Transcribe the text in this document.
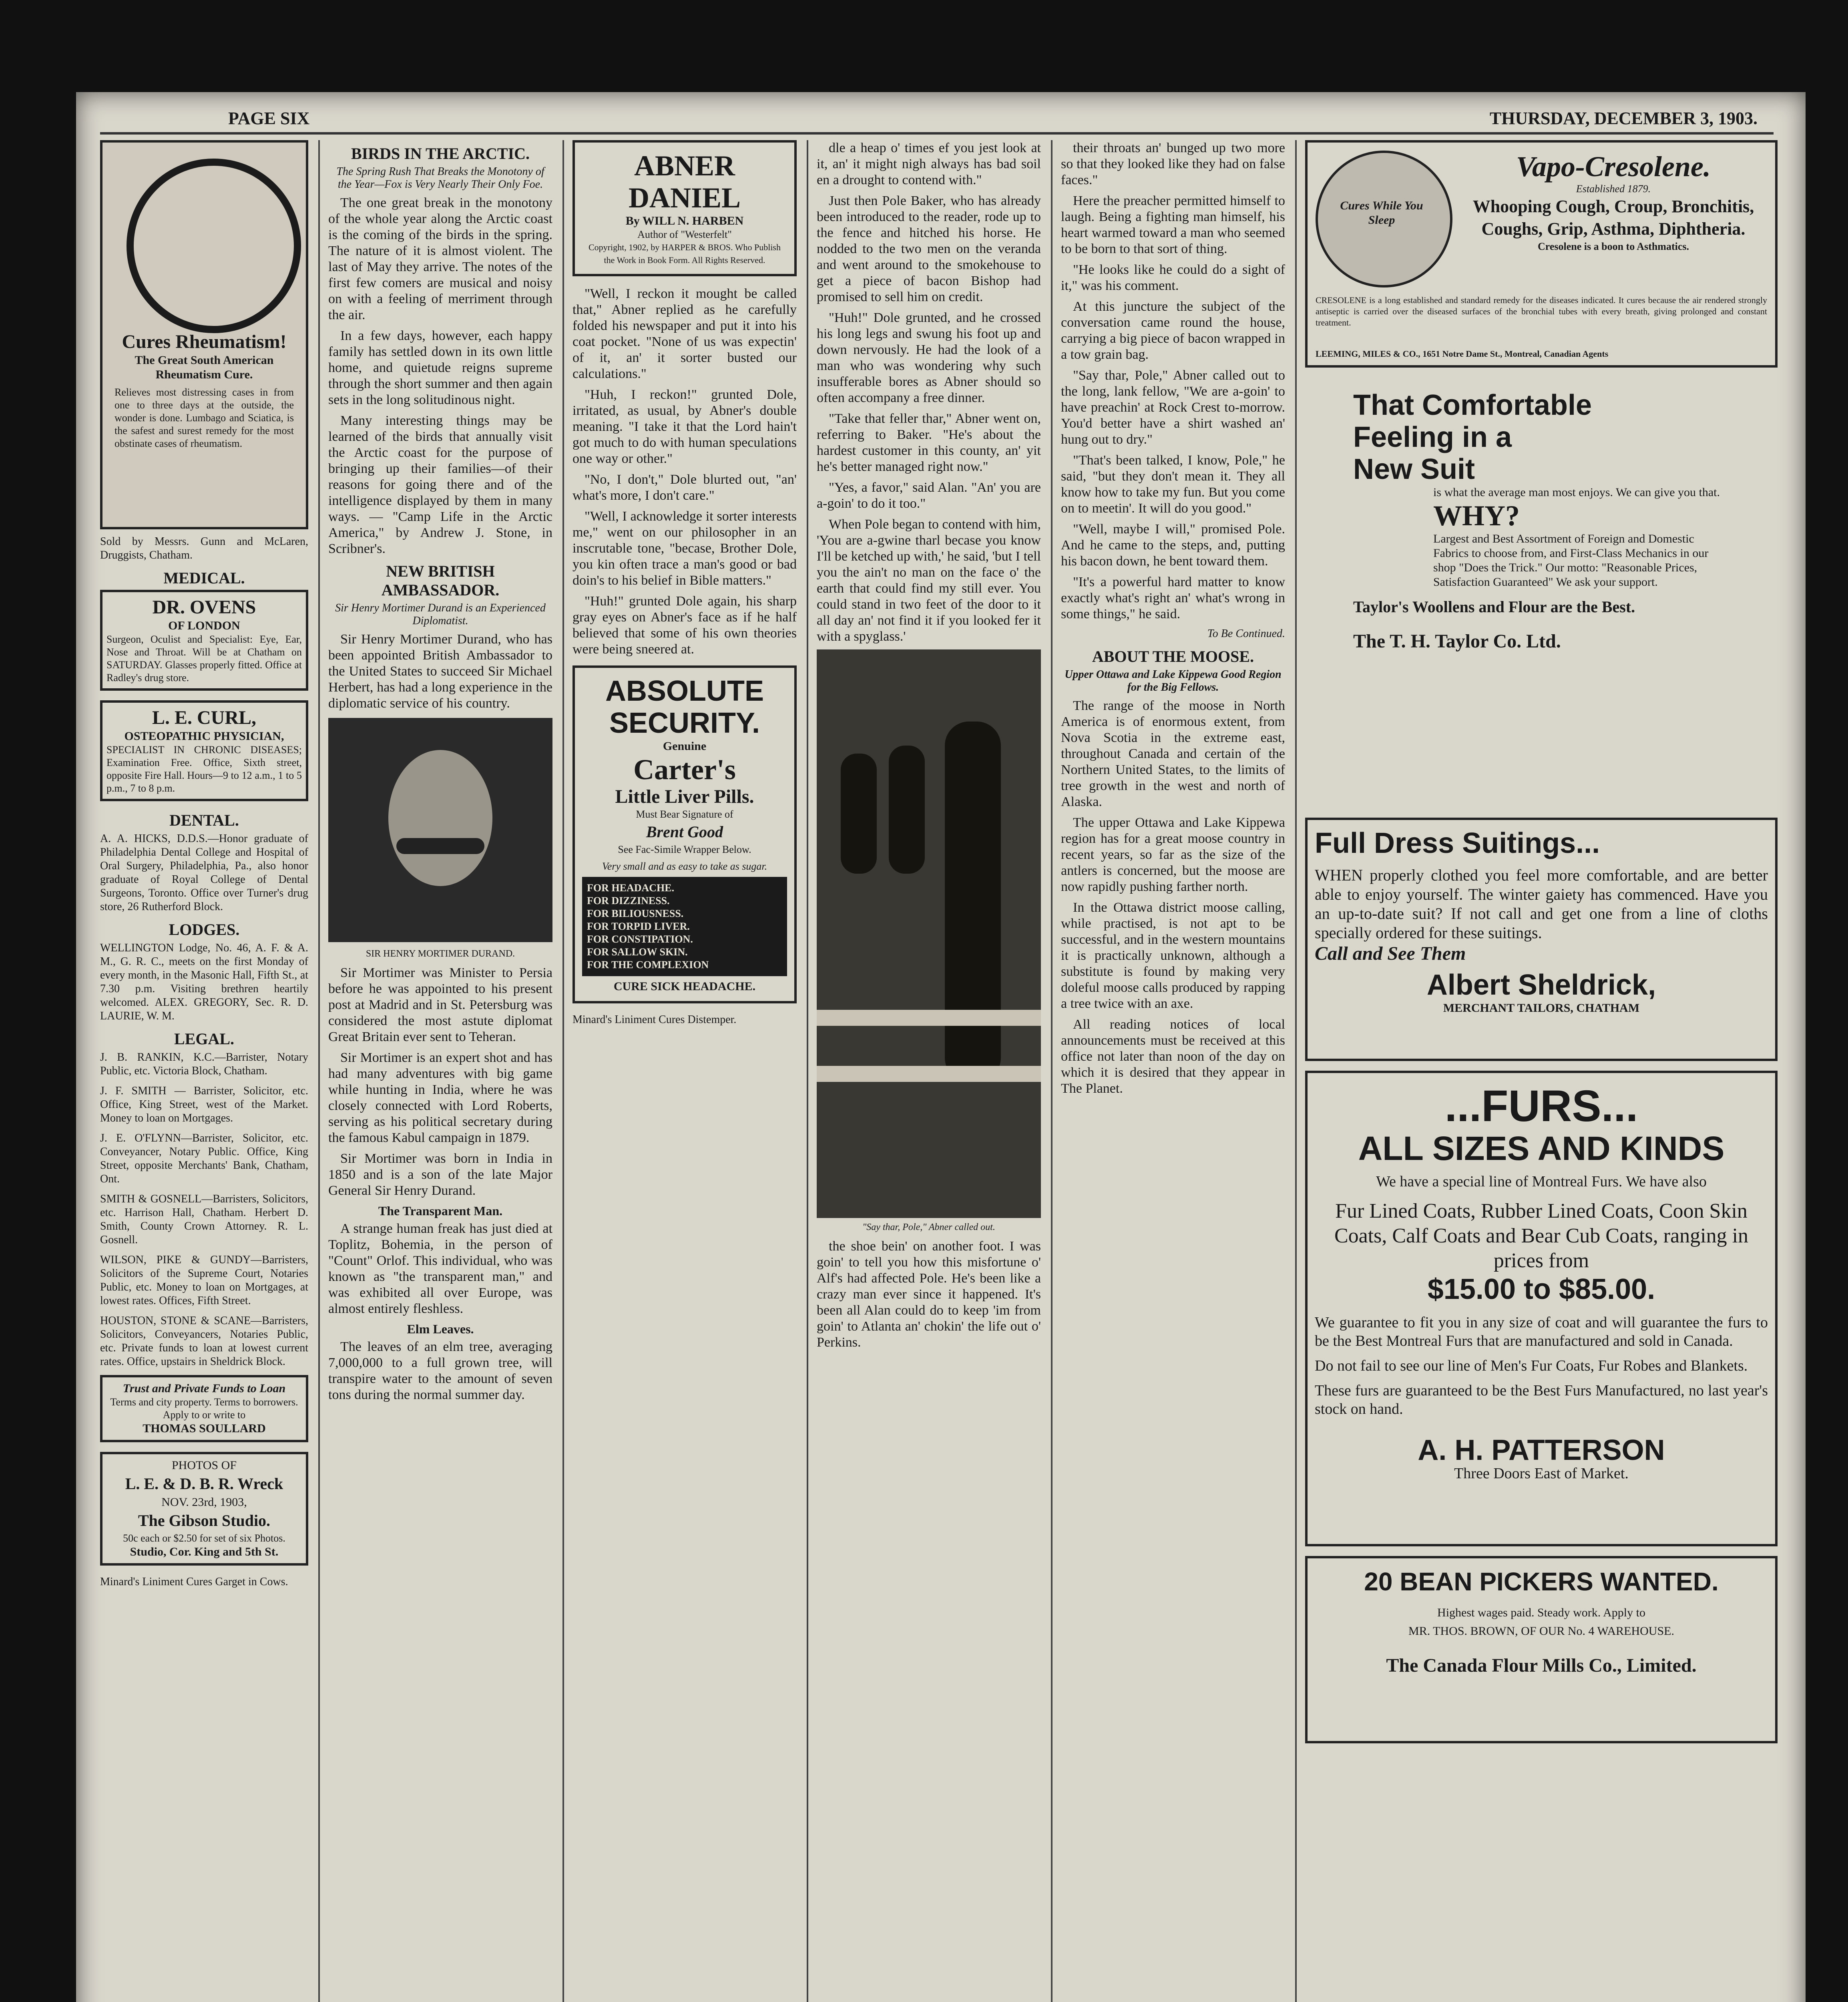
PAGE SIX	THURSDAY, DECEMBER 3, 1903.
Cures Rheumatism!
The Great South American Rheumatism Cure.
Relieves most distressing cases in from one to three days at the outside, the wonder is done. Lumbago and Sciatica, is the safest and surest remedy for the most obstinate cases of rheumatism.
Sold by Messrs. Gunn and McLaren, Druggists, Chatham.
MEDICAL.
DR. OVENS
OF LONDON
Surgeon, Oculist and Specialist: Eye, Ear, Nose and Throat. Will be at Chatham on SATURDAY. Glasses properly fitted. Office at Radley's drug store.
L. E. CURL,
OSTEOPATHIC PHYSICIAN,
SPECIALIST IN CHRONIC DISEASES; Examination Free. Office, Sixth street, opposite Fire Hall. Hours—9 to 12 a.m., 1 to 5 p.m., 7 to 8 p.m.
DENTAL.
A. A. HICKS, D.D.S.—Honor graduate of Philadelphia Dental College and Hospital of Oral Surgery, Philadelphia, Pa., also honor graduate of Royal College of Dental Surgeons, Toronto. Office over Turner's drug store, 26 Rutherford Block.
LODGES.
WELLINGTON Lodge, No. 46, A. F. & A. M., G. R. C., meets on the first Monday of every month, in the Masonic Hall, Fifth St., at 7.30 p.m. Visiting brethren heartily welcomed. ALEX. GREGORY, Sec. R. D. LAURIE, W. M.
LEGAL.
J. B. RANKIN, K.C.—Barrister, Notary Public, etc. Victoria Block, Chatham.
J. F. SMITH — Barrister, Solicitor, etc. Office, King Street, west of the Market. Money to loan on Mortgages.
J. E. O'FLYNN—Barrister, Solicitor, etc. Conveyancer, Notary Public. Office, King Street, opposite Merchants' Bank, Chatham, Ont.
SMITH & GOSNELL—Barristers, Solicitors, etc. Harrison Hall, Chatham. Herbert D. Smith, County Crown Attorney. R. L. Gosnell.
WILSON, PIKE & GUNDY—Barristers, Solicitors of the Supreme Court, Notaries Public, etc. Money to loan on Mortgages, at lowest rates. Offices, Fifth Street.
HOUSTON, STONE & SCANE—Barristers, Solicitors, Conveyancers, Notaries Public, etc. Private funds to loan at lowest current rates. Office, upstairs in Sheldrick Block.
Trust and Private Funds to Loan
Terms and city property. Terms to borrowers. Apply to or write to
THOMAS SOULLARD
PHOTOS OF
L. E. & D. B. R. Wreck
NOV. 23rd, 1903,
The Gibson Studio.
50c each or $2.50 for set of six Photos.
Studio, Cor. King and 5th St.
Minard's Liniment Cures Garget in Cows.
BIRDS IN THE ARCTIC.
The Spring Rush That Breaks the Monotony of the Year—Fox is Very Nearly Their Only Foe.

The one great break in the monotony of the whole year along the Arctic coast is the coming of the birds in the spring. The nature of it is almost violent. The last of May they arrive. The notes of the first few comers are musical and noisy on with a feeling of merriment through the air.

In a few days, however, each happy family has settled down in its own little home, and quietude reigns supreme through the short summer and then again sets in the long solitudinous night.

Many interesting things may be learned of the birds that annually visit the Arctic coast for the purpose of bringing up their families—of their reasons for going there and of the intelligence displayed by them in many ways. — "Camp Life in the Arctic America," by Andrew J. Stone, in Scribner's.

NEW BRITISH AMBASSADOR.
Sir Henry Mortimer Durand is an Experienced Diplomatist.

Sir Henry Mortimer Durand, who has been appointed British Ambassador to the United States to succeed Sir Michael Herbert, has had a long experience in the diplomatic service of his country.

SIR HENRY MORTIMER DURAND.

Sir Mortimer was Minister to Persia before he was appointed to his present post at Madrid and in St. Petersburg was considered the most astute diplomat Great Britain ever sent to Teheran.

Sir Mortimer is an expert shot and has had many adventures with big game while hunting in India, where he was closely connected with Lord Roberts, serving as his political secretary during the famous Kabul campaign in 1879.

Sir Mortimer was born in India in 1850 and is a son of the late Major General Sir Henry Durand.

The Transparent Man.

A strange human freak has just died at Toplitz, Bohemia, in the person of "Count" Orlof. This individual, who was known as "the transparent man," and was exhibited all over Europe, was almost entirely fleshless.

Elm Leaves.

The leaves of an elm tree, averaging 7,000,000 to a full grown tree, will transpire water to the amount of seven tons during the normal summer day.

ABNER DANIEL
By WILL N. HARBEN
Author of "Westerfelt"
Copyright, 1902, by HARPER & BROS. Who Publish the Work in Book Form. All Rights Reserved.

"Well, I reckon it mought be called that," Abner replied as he carefully folded his newspaper and put it into his coat pocket. "None of us was expectin' of it, an' it sorter busted our calculations."

"Huh, I reckon!" grunted Dole, irritated, as usual, by Abner's double meaning. "I take it that the Lord hain't got much to do with human speculations one way or other."

"No, I don't," Dole blurted out, "an' what's more, I don't care."

"Well, I acknowledge it sorter interests me," went on our philosopher in an inscrutable tone, "becase, Brother Dole, you kin often trace a man's good or bad doin's to his belief in Bible matters."

"Huh!" grunted Dole again, his sharp gray eyes on Abner's face as if he half believed that some of his own theories were being sneered at.

ABSOLUTE SECURITY.
Genuine
Carter's
Little Liver Pills.
Must Bear Signature of
Brent Good
See Fac-Simile Wrapper Below.
Very small and as easy to take as sugar.
FOR HEADACHE.
FOR DIZZINESS.
FOR BILIOUSNESS.
FOR TORPID LIVER.
FOR CONSTIPATION.
FOR SALLOW SKIN.
FOR THE COMPLEXION
CURE SICK HEADACHE.
Minard's Liniment Cures Distemper.

dle a heap o' times ef you jest look at it, an' it might nigh always has bad soil en a drought to contend with."

Just then Pole Baker, who has already been introduced to the reader, rode up to the fence and hitched his horse. He nodded to the two men on the veranda and went around to the smokehouse to get a piece of bacon Bishop had promised to sell him on credit.

"Huh!" Dole grunted, and he crossed his long legs and swung his foot up and down nervously. He had the look of a man who was wondering why such insufferable bores as Abner should so often accompany a free dinner.

"Take that feller thar," Abner went on, referring to Baker. "He's about the hardest customer in this county, an' yit he's better managed right now."

"Yes, a favor," said Alan. "An' you are a-goin' to do it too."

When Pole began to contend with him, 'You are a-gwine tharl becase you know I'll be ketched up with,' he said, 'but I tell you the ain't no man on the face o' the earth that could find my still ever. You could stand in two feet of the door to it all day an' not find it if you looked fer it with a spyglass.'

"Say thar, Pole," Abner called out.

the shoe bein' on another foot. I was goin' to tell you how this misfortune o' Alf's had affected Pole. He's been like a crazy man ever since it happened. It's been all Alan could do to keep 'im from goin' to Atlanta an' chokin' the life out o' Perkins.

their throats an' bunged up two more so that they looked like they had on false faces."

Here the preacher permitted himself to laugh. Being a fighting man himself, his heart warmed toward a man who seemed to be born to that sort of thing.

"He looks like he could do a sight of it," was his comment.

At this juncture the subject of the conversation came round the house, carrying a big piece of bacon wrapped in a tow grain bag.

"Say thar, Pole," Abner called out to the long, lank fellow, "We are a-goin' to have preachin' at Rock Crest to-morrow. You'd better have a shirt washed an' hung out to dry."

"That's been talked, I know, Pole," he said, "but they don't mean it. They all know how to take my fun. But you come on to meetin'. It will do you good."

"Well, maybe I will," promised Pole. And he came to the steps, and, putting his bacon down, he bent toward them.

"It's a powerful hard matter to know exactly what's right an' what's wrong in some things," he said.

To Be Continued.
ABOUT THE MOOSE.
Upper Ottawa and Lake Kippewa Good Region for the Big Fellows.

The range of the moose in North America is of enormous extent, from Nova Scotia in the extreme east, throughout Canada and certain of the Northern United States, to the limits of tree growth in the west and north of Alaska.

The upper Ottawa and Lake Kippewa region has for a great moose country in recent years, so far as the size of the antlers is concerned, but the moose are now rapidly pushing farther north.

In the Ottawa district moose calling, while practised, is not apt to be successful, and in the western mountains it is practically unknown, although a substitute is found by making very doleful moose calls produced by rapping a tree twice with an axe.

All reading notices of local announcements must be received at this office not later than noon of the day on which it is desired that they appear in The Planet.

Cures While You Sleep
Vapo-Cresolene.
Established 1879.
Whooping Cough, Croup, Bronchitis, Coughs, Grip, Asthma, Diphtheria.
Cresolene is a boon to Asthmatics.
CRESOLENE is a long established and standard remedy for the diseases indicated. It cures because the air rendered strongly antiseptic is carried over the diseased surfaces of the bronchial tubes with every breath, giving prolonged and constant treatment.
LEEMING, MILES & CO., 1651 Notre Dame St., Montreal, Canadian Agents
That Comfortable
Feeling in a
New Suit
is what the average man most enjoys. We can give you that.
WHY?
Largest and Best Assortment of Foreign and Domestic Fabrics to choose from, and First-Class Mechanics in our shop "Does the Trick." Our motto: "Reasonable Prices, Satisfaction Guaranteed" We ask your support.
Taylor's Woollens and Flour are the Best.
The T. H. Taylor Co. Ltd.
Full Dress Suitings...
WHEN properly clothed you feel more comfortable, and are better able to enjoy yourself. The winter gaiety has commenced. Have you an up-to-date suit? If not call and get one from a line of cloths specially ordered for these suitings.
Call and See Them
Albert Sheldrick,
MERCHANT TAILORS, CHATHAM
...FURS...
ALL SIZES AND KINDS
We have a special line of Montreal Furs. We have also
Fur Lined Coats, Rubber Lined Coats, Coon Skin Coats, Calf Coats and Bear Cub Coats, ranging in prices from
$15.00 to $85.00.
We guarantee to fit you in any size of coat and will guarantee the furs to be the Best Montreal Furs that are manufactured and sold in Canada.
Do not fail to see our line of Men's Fur Coats, Fur Robes and Blankets.
These furs are guaranteed to be the Best Furs Manufactured, no last year's stock on hand.
A. H. PATTERSON
Three Doors East of Market.
20 BEAN PICKERS WANTED.
Highest wages paid. Steady work. Apply to
MR. THOS. BROWN, OF OUR No. 4 WAREHOUSE.
The Canada Flour Mills Co., Limited.
